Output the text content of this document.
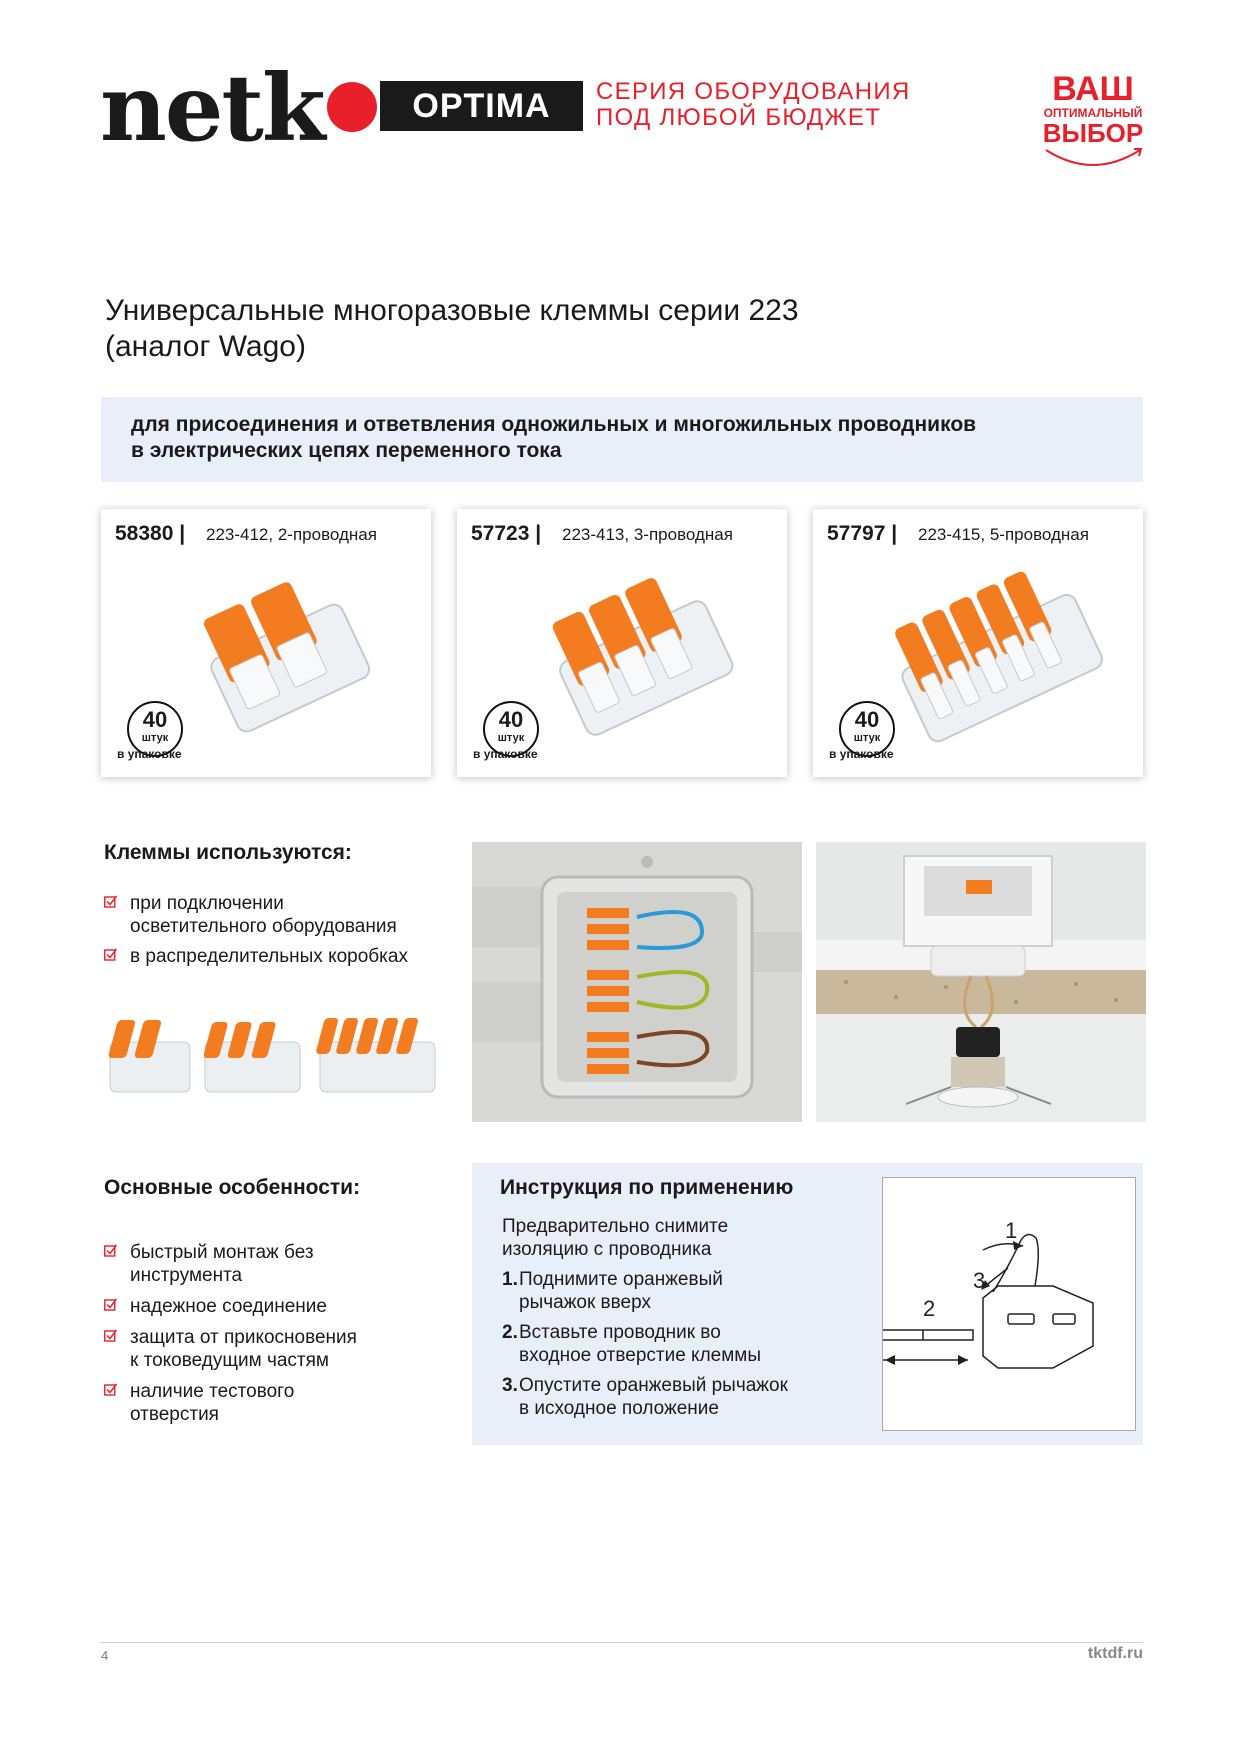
netk	OPTIMA	СЕРИЯ ОБОРУДОВАНИЯ
ПОД ЛЮБОЙ БЮДЖЕТ
ВАШ
ОПТИМАЛЬНЫЙ
ВЫБОР
Универсальные многоразовые клеммы серии 223
(аналог Wago)

для присоединения и ответвления одножильных и многожильных проводников
в электрических цепях переменного тока

58380 | 223-412, 2-проводная
40
штук
в упаковке
57723 | 223-413, 3-проводная
40
штук
в упаковке
57797 | 223-415, 5-проводная
40
штук
в упаковке
Клеммы используются:
при подключении
осветительного оборудования
в распределительных коробках
Основные особенности:
быстрый монтаж без
инструмента
надежное соединение
защита от прикосновения
к токоведущим частям
наличие тестового
отверстия
Инструкция по применению
Предварительно снимите
изоляцию с проводника
1. Поднимите оранжевый
рычажок вверх
2. Вставьте проводник во
входное отверстие клеммы
3. Опустите оранжевый рычажок
в исходное положение
1
2
3
4	tktdf.ru
